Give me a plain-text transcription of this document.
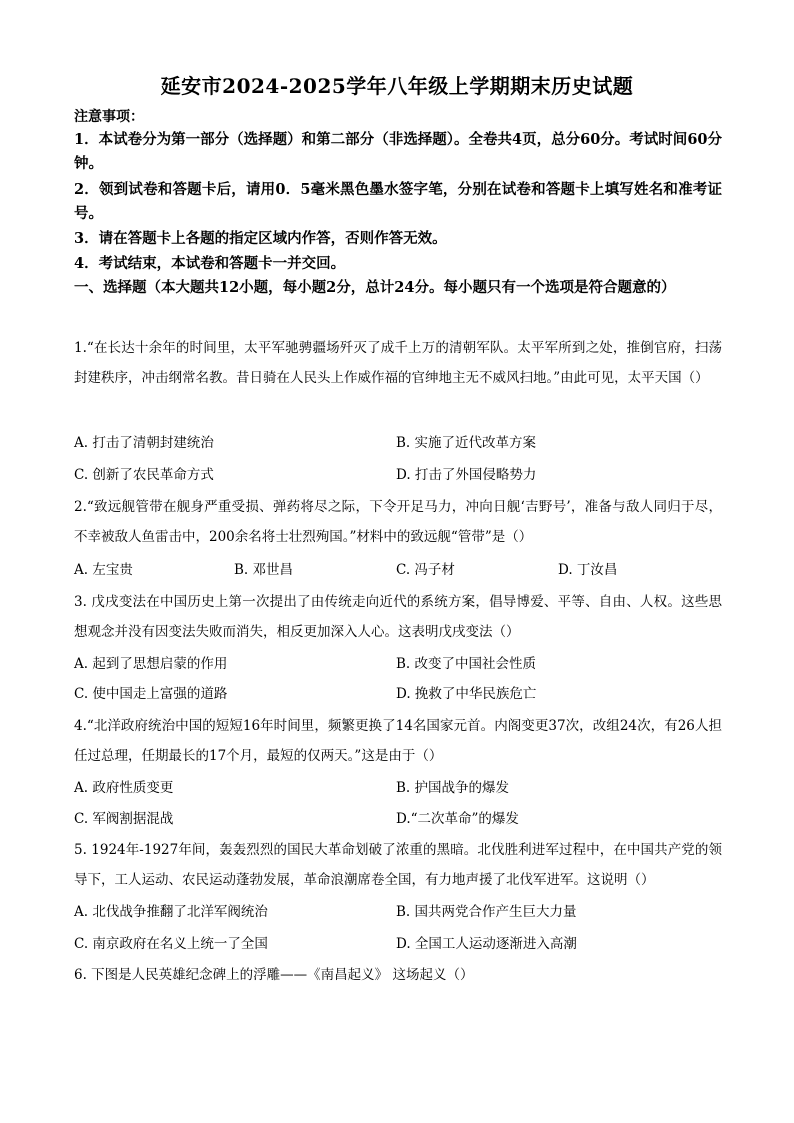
延安市2024-2025学年八年级上学期期末历史试题
注意事项：
1．本试卷分为第一部分（选择题）和第二部分（非选择题）。全卷共4页，总分60分。考试时间60分钟。
2．领到试卷和答题卡后，请用0．5毫米黑色墨水签字笔，分别在试卷和答题卡上填写姓名和准考证号。
3．请在答题卡上各题的指定区域内作答，否则作答无效。
4．考试结束，本试卷和答题卡一并交回。
一、选择题（本大题共12小题，每小题2分，总计24分。每小题只有一个选项是符合题意的）
1.“在长达十余年的时间里，太平军驰骋疆场歼灭了成千上万的清朝军队。太平军所到之处，推倒官府，扫荡封建秩序，冲击纲常名教。昔日骑在人民头上作威作福的官绅地主无不威风扫地。”由此可见，太平天国（）
A. 打击了清朝封建统治	B. 实施了近代改革方案
C. 创新了农民革命方式	D. 打击了外国侵略势力
2.“致远舰管带在舰身严重受损、弹药将尽之际，下令开足马力，冲向日舰‘吉野号’，准备与敌人同归于尽，不幸被敌人鱼雷击中，200余名将士壮烈殉国。”材料中的致远舰“管带”是（）
A. 左宝贵	B. 邓世昌	C. 冯子材	D. 丁汝昌
3. 戊戌变法在中国历史上第一次提出了由传统走向近代的系统方案，倡导博爱、平等、自由、人权。这些思想观念并没有因变法失败而消失，相反更加深入人心。这表明戊戌变法（）
A. 起到了思想启蒙的作用	B. 改变了中国社会性质
C. 使中国走上富强的道路	D. 挽救了中华民族危亡
4.“北洋政府统治中国的短短16年时间里，频繁更换了14名国家元首。内阁变更37次，改组24次，有26人担任过总理，任期最长的17个月，最短的仅两天。”这是由于（）
A. 政府性质变更	B. 护国战争的爆发
C. 军阀割据混战	D.“二次革命”的爆发
5. 1924年-1927年间，轰轰烈烈的国民大革命划破了浓重的黑暗。北伐胜利进军过程中，在中国共产党的领导下，工人运动、农民运动蓬勃发展，革命浪潮席卷全国，有力地声援了北伐军进军。这说明（）
A. 北伐战争推翻了北洋军阀统治	B. 国共两党合作产生巨大力量
C. 南京政府在名义上统一了全国	D. 全国工人运动逐渐进入高潮
6. 下图是人民英雄纪念碑上的浮雕——《南昌起义》 这场起义（）
